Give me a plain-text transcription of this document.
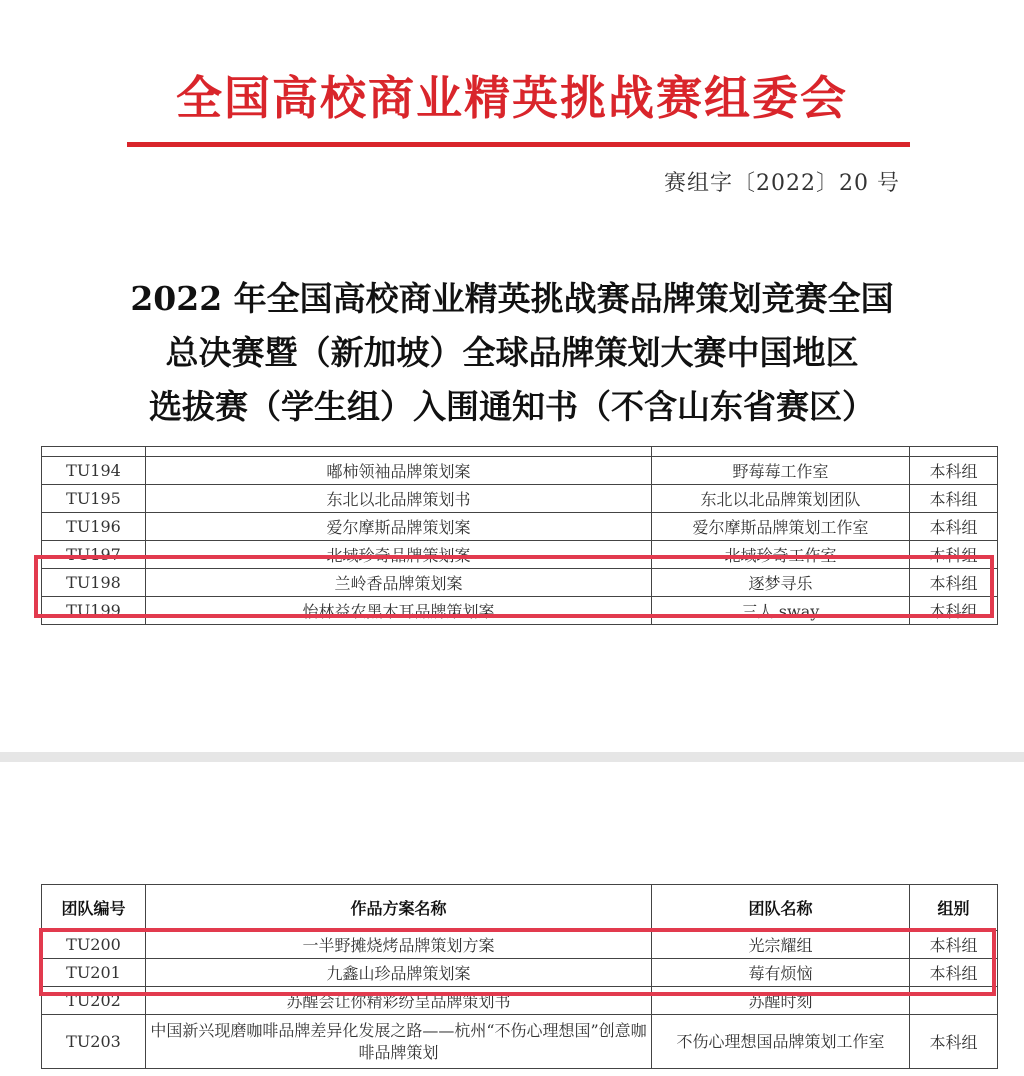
全国高校商业精英挑战赛组委会
赛组字〔2022〕20 号
2022 年全国高校商业精英挑战赛品牌策划竞赛全国
总决赛暨（新加坡）全球品牌策划大赛中国地区
选拔赛（学生组）入围通知书（不含山东省赛区）

TU194	嘟柿领袖品牌策划案	野莓莓工作室	本科组
TU195	东北以北品牌策划书	东北以北品牌策划团队	本科组
TU196	爱尔摩斯品牌策划案	爱尔摩斯品牌策划工作室	本科组
TU197	北域珍奇品牌策划案	北域珍奇工作室	本科组
TU198	兰岭香品牌策划案	逐梦寻乐	本科组
TU199	怡林益农黑木耳品牌策划案	三人 sway	本科组
团队编号	作品方案名称	团队名称	组别
TU200	一半野摊烧烤品牌策划方案	光宗耀组	本科组
TU201	九鑫山珍品牌策划案	莓有烦恼	本科组
TU202	苏醒会让你精彩纷呈品牌策划书	苏醒时刻	
TU203	中国新兴现磨咖啡品牌差异化发展之路——杭州“不伤心理想国”创意咖啡品牌策划	不伤心理想国品牌策划工作室	本科组
